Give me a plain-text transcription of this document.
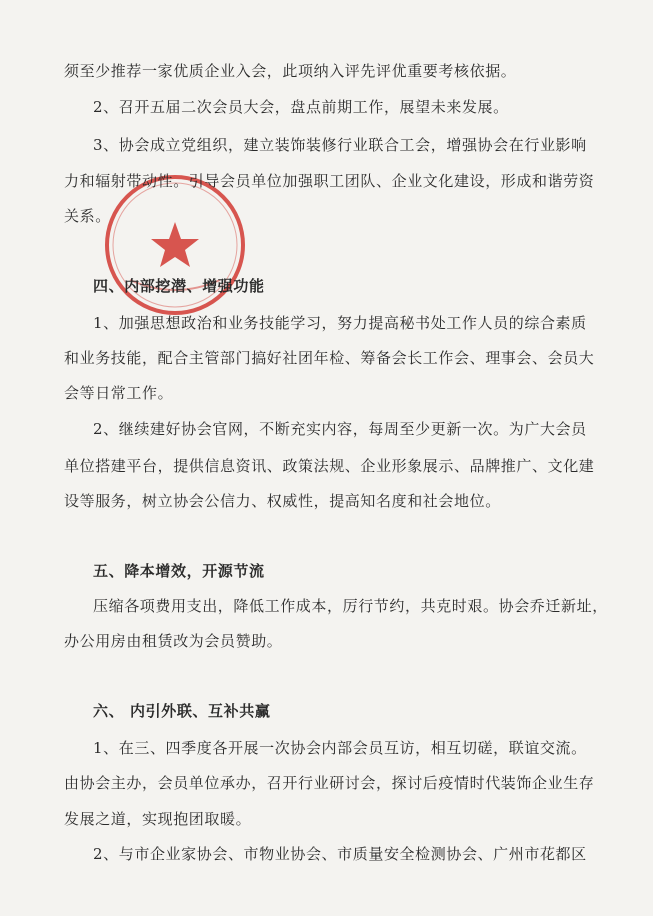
须至少推荐一家优质企业入会，此项纳入评先评优重要考核依据。
2、召开五届二次会员大会，盘点前期工作，展望未来发展。
3、协会成立党组织，建立装饰装修行业联合工会，增强协会在行业影响
力和辐射带动性。引导会员单位加强职工团队、企业文化建设，形成和谐劳资
关系。
四、内部挖潜、增强功能
1、加强思想政治和业务技能学习，努力提高秘书处工作人员的综合素质
和业务技能，配合主管部门搞好社团年检、筹备会长工作会、理事会、会员大
会等日常工作。
2、继续建好协会官网，不断充实内容，每周至少更新一次。为广大会员
单位搭建平台，提供信息资讯、政策法规、企业形象展示、品牌推广、文化建
设等服务，树立协会公信力、权威性，提高知名度和社会地位。
五、降本增效，开源节流
压缩各项费用支出，降低工作成本，厉行节约，共克时艰。协会乔迁新址，
办公用房由租赁改为会员赞助。
六、 内引外联、互补共赢
1、在三、四季度各开展一次协会内部会员互访，相互切磋，联谊交流。
由协会主办，会员单位承办，召开行业研讨会，探讨后疫情时代装饰企业生存
发展之道，实现抱团取暖。
2、与市企业家协会、市物业协会、市质量安全检测协会、广州市花都区
